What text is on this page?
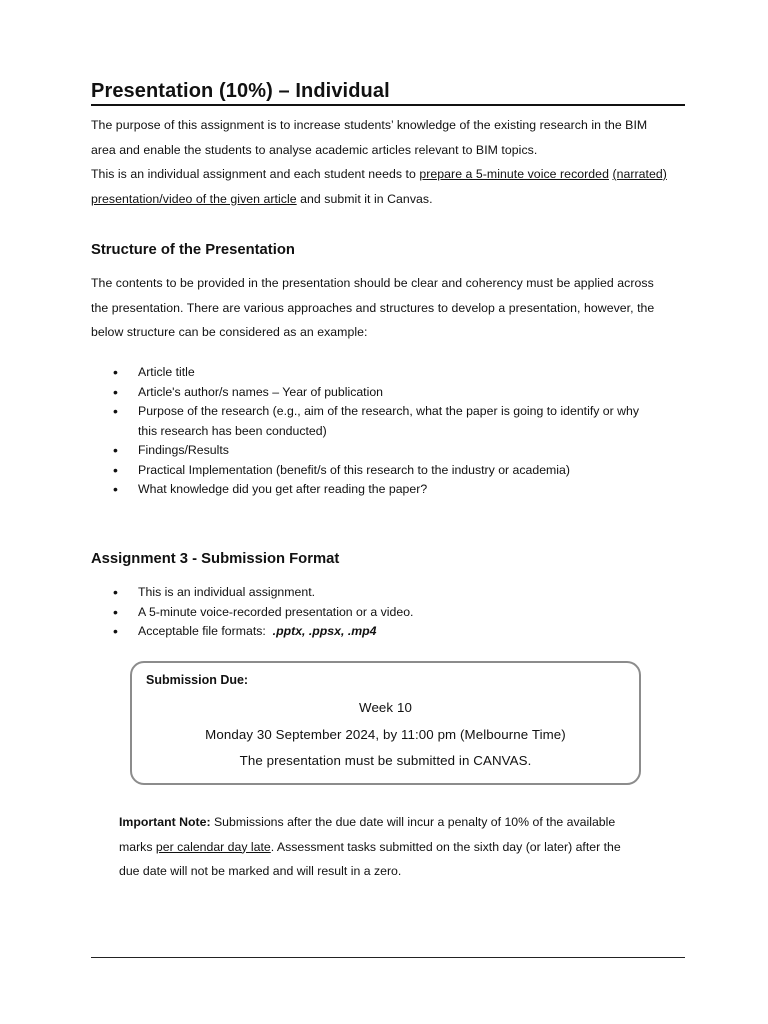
Presentation (10%) – Individual
The purpose of this assignment is to increase students’ knowledge of the existing research in the BIM
area and enable the students to analyse academic articles relevant to BIM topics.
This is an individual assignment and each student needs to prepare a 5-minute voice recorded (narrated)
presentation/video of the given article and submit it in Canvas.
Structure of the Presentation
The contents to be provided in the presentation should be clear and coherency must be applied across
the presentation. There are various approaches and structures to develop a presentation, however, the
below structure can be considered as an example:
• Article title
• Article's author/s names – Year of publication
• Purpose of the research (e.g., aim of the research, what the paper is going to identify or why
this research has been conducted)
• Findings/Results
• Practical Implementation (benefit/s of this research to the industry or academia)
• What knowledge did you get after reading the paper?
Assignment 3 - Submission Format
• This is an individual assignment.
• A 5-minute voice-recorded presentation or a video.
• Acceptable file formats:  .pptx, .ppsx, .mp4
Submission Due:
Week 10
Monday 30 September 2024, by 11:00 pm (Melbourne Time)
The presentation must be submitted in CANVAS.
Important Note: Submissions after the due date will incur a penalty of 10% of the available
marks per calendar day late. Assessment tasks submitted on the sixth day (or later) after the
due date will not be marked and will result in a zero.
